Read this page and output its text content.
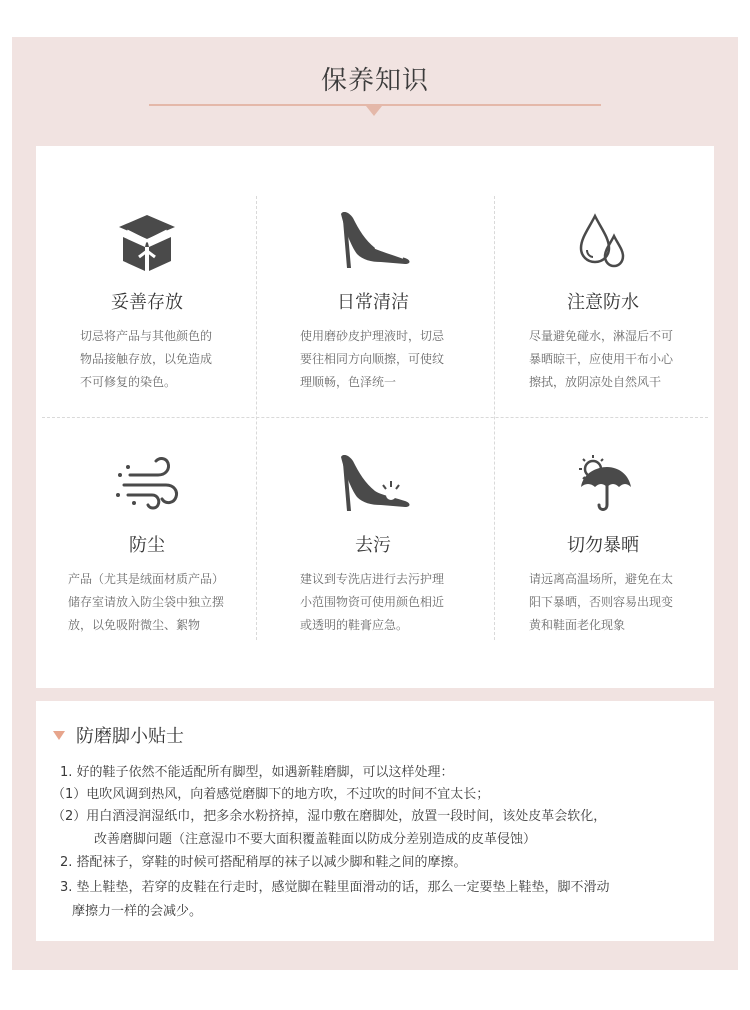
保养知识
妥善存放
切忌将产品与其他颜色的
物品接触存放，以免造成
不可修复的染色。
日常清洁
使用磨砂皮护理液时，切忌
要往相同方向顺擦，可使纹
理顺畅，色泽统一
注意防水
尽量避免碰水，淋湿后不可
暴晒晾干，应使用干布小心
擦拭，放阴凉处自然风干
防尘
产品（尤其是绒面材质产品）
储存室请放入防尘袋中独立摆
放，以免吸附微尘、絮物
去污
建议到专洗店进行去污护理
小范围物资可使用颜色相近
或透明的鞋膏应急。
切勿暴晒
请远离高温场所，避免在太
阳下暴晒，否则容易出现变
黄和鞋面老化现象
防磨脚小贴士
1. 好的鞋子依然不能适配所有脚型，如遇新鞋磨脚，可以这样处理：
（1）电吹风调到热风，向着感觉磨脚下的地方吹，不过吹的时间不宜太长；
（2）用白酒浸润湿纸巾，把多余水粉挤掉，湿巾敷在磨脚处，放置一段时间，该处皮革会软化，
改善磨脚问题（注意湿巾不要大面积覆盖鞋面以防成分差别造成的皮革侵蚀）
2. 搭配袜子，穿鞋的时候可搭配稍厚的袜子以减少脚和鞋之间的摩擦。
3. 垫上鞋垫，若穿的皮鞋在行走时，感觉脚在鞋里面滑动的话，那么一定要垫上鞋垫，脚不滑动
摩擦力一样的会减少。
